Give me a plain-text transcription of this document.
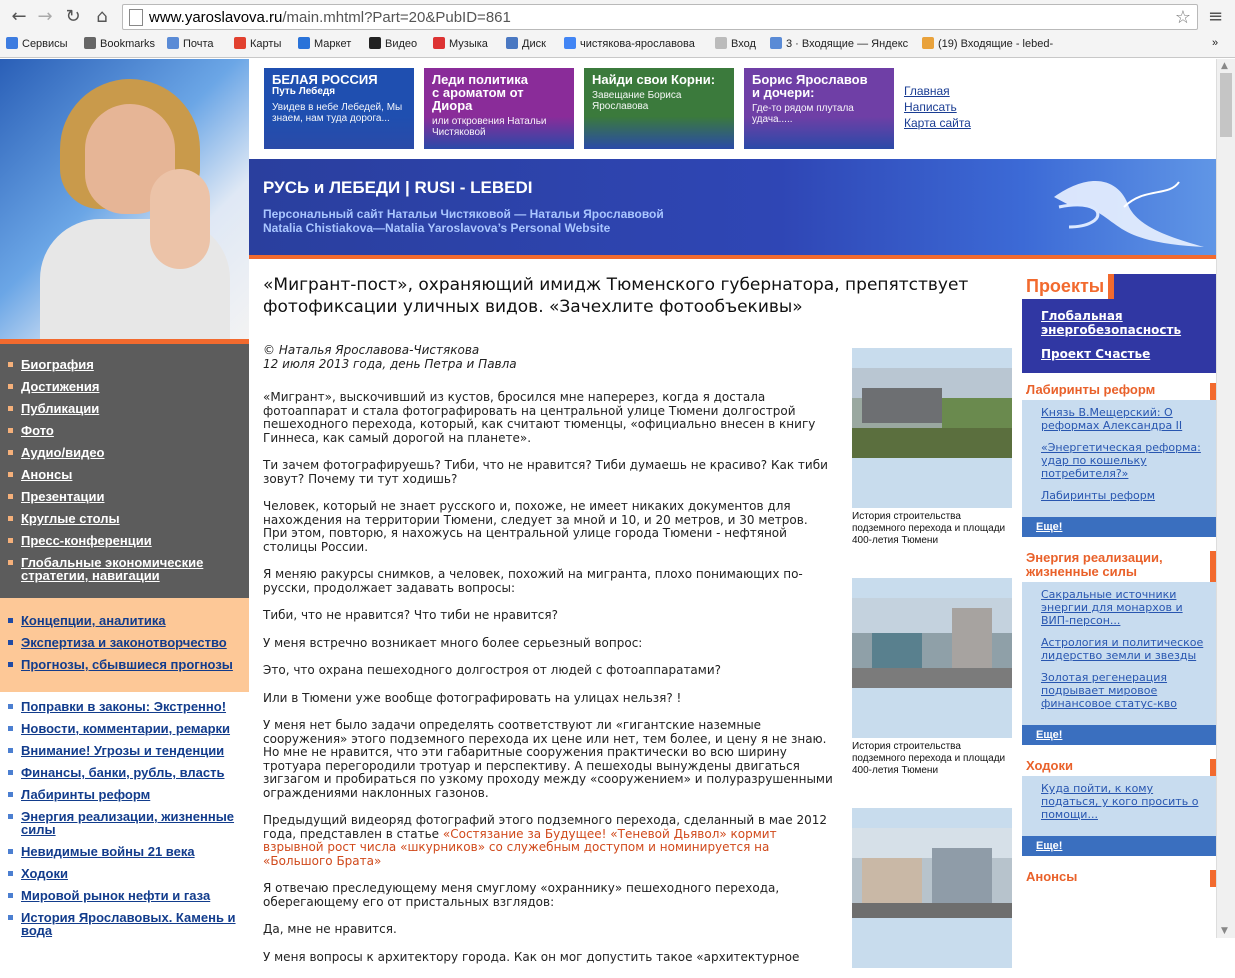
← → ↻ ⌂	www.yaroslavova.ru/main.mhtml?Part=20&PubID=861	☆ ≡
Сервисы	Bookmarks	Почта	Карты	Маркет	Видео	Музыка	Диск	чистякова-ярославова	Вход	3 · Входящие — Яндекс	(19) Входящие - lebed-	»
Биография
Достижения
Публикации
Фото
Аудио/видео
Анонсы
Презентации
Круглые столы
Пресс-конференции
Глобальные экономические стратегии, навигации
Концепции, аналитика
Экспертиза и законотворчество
Прогнозы, сбывшиеся прогнозы
Поправки в законы: Экстренно!
Новости, комментарии, ремарки
Внимание! Угрозы и тенденции
Финансы, банки, рубль, власть
Лабиринты реформ
Энергия реализации, жизненные силы
Невидимые войны 21 века
Ходоки
Мировой рынок нефти и газа
История Ярославовых. Камень и вода
БЕЛАЯ РОССИЯ
Путь Лебедя
Увидев в небе Лебедей, Мы знаем, нам туда дорога...
Леди политика
с ароматом от Диора
или откровения Натальи Чистяковой
Найди свои Корни:
Завещание Бориса Ярославова
Борис Ярославов
и дочери:
Где-то рядом плутала удача.....
Главная
Написать
Карта сайта
РУСЬ и ЛЕБЕДИ | RUSI - LEBEDI
Персональный сайт Натальи Чистяковой — Натальи Ярославовой
Natalia Chistiakova—Natalia Yaroslavova’s Personal Website
«Мигрант-пост», охраняющий имидж Тюменского губернатора, препятствует фотофиксации уличных видов. «Зачехлите фотообъекивы»
© Наталья Ярославова-Чистякова
12 июля 2013 года, день Петра и Павла

«Мигрант», выскочивший из кустов, бросился мне наперерез, когда я достала фотоаппарат и стала фотографировать на центральной улице Тюмени долгострой пешеходного перехода, который, как считают тюменцы, «официально внесен в книгу Гиннеса, как самый дорогой на планете».

Ти зачем фотографируешь? Тиби, что не нравится? Тиби думаешь не красиво? Как тиби зовут? Почему ти тут ходишь?

Человек, который не знает русского и, похоже, не имеет никаких документов для нахождения на территории Тюмени, следует за мной и 10, и 20 метров, и 30 метров. При этом, повторю, я нахожусь на центральной улице города Тюмени - нефтяной столицы России.

Я меняю ракурсы снимков, а человек, похожий на мигранта, плохо понимающих по-русски, продолжает задавать вопросы:

Тиби, что не нравится? Что тиби не нравится?

У меня встречно возникает много более серьезный вопрос:

Это, что охрана пешеходного долгостроя от людей с фотоаппаратами?

Или в Тюмени уже вообще фотографировать на улицах нельзя? !

У меня нет было задачи определять соответствуют ли «гигантские наземные сооружения» этого подземного перехода их цене или нет, тем более, и цену я не знаю. Но мне не нравится, что эти габаритные сооружения практически во всю ширину тротуара перегородили тротуар и перспективу. А пешеходы вынуждены двигаться зигзагом и пробираться по узкому проходу между «сооружением» и полуразрушенными ограждениями наклонных газонов.

Предыдущий видеоряд фотографий этого подземного перехода, сделанный в мае 2012 года, представлен в статье «Состязание за Будущее! «Теневой Дьявол» кормит взрывной рост числа «шкурников» со служебным доступом и номинируется на «Большого Брата»

Я отвечаю преследующему меня смуглому «охраннику» пешеходного перехода, оберегающему его от пристальных взглядов:

Да, мне не нравится.

У меня вопросы к архитектору города. Как он мог допустить такое «архитектурное

История строительства подземного перехода и площади 400-летия Тюмени
История строительства подземного перехода и площади 400-летия Тюмени
Проекты
Глобальная энергобезопасность
Проект Счастье
Лабиринты реформ
Князь В.Мещерский: О реформах Александра II
«Энергетическая реформа: удар по кошельку потребителя?»
Лабиринты реформ
Еще!
Энергия реализации, жизненные силы
Сакральные источники энергии для монархов и ВИП-персон...
Астрология и политическое лидерство земли и звезды
Золотая регенерация подрывает мировое финансовое статус-кво
Еще!
Ходоки
Куда пойти, к кому податься, у кого просить о помощи...
Еще!
Анонсы
▲
▼
